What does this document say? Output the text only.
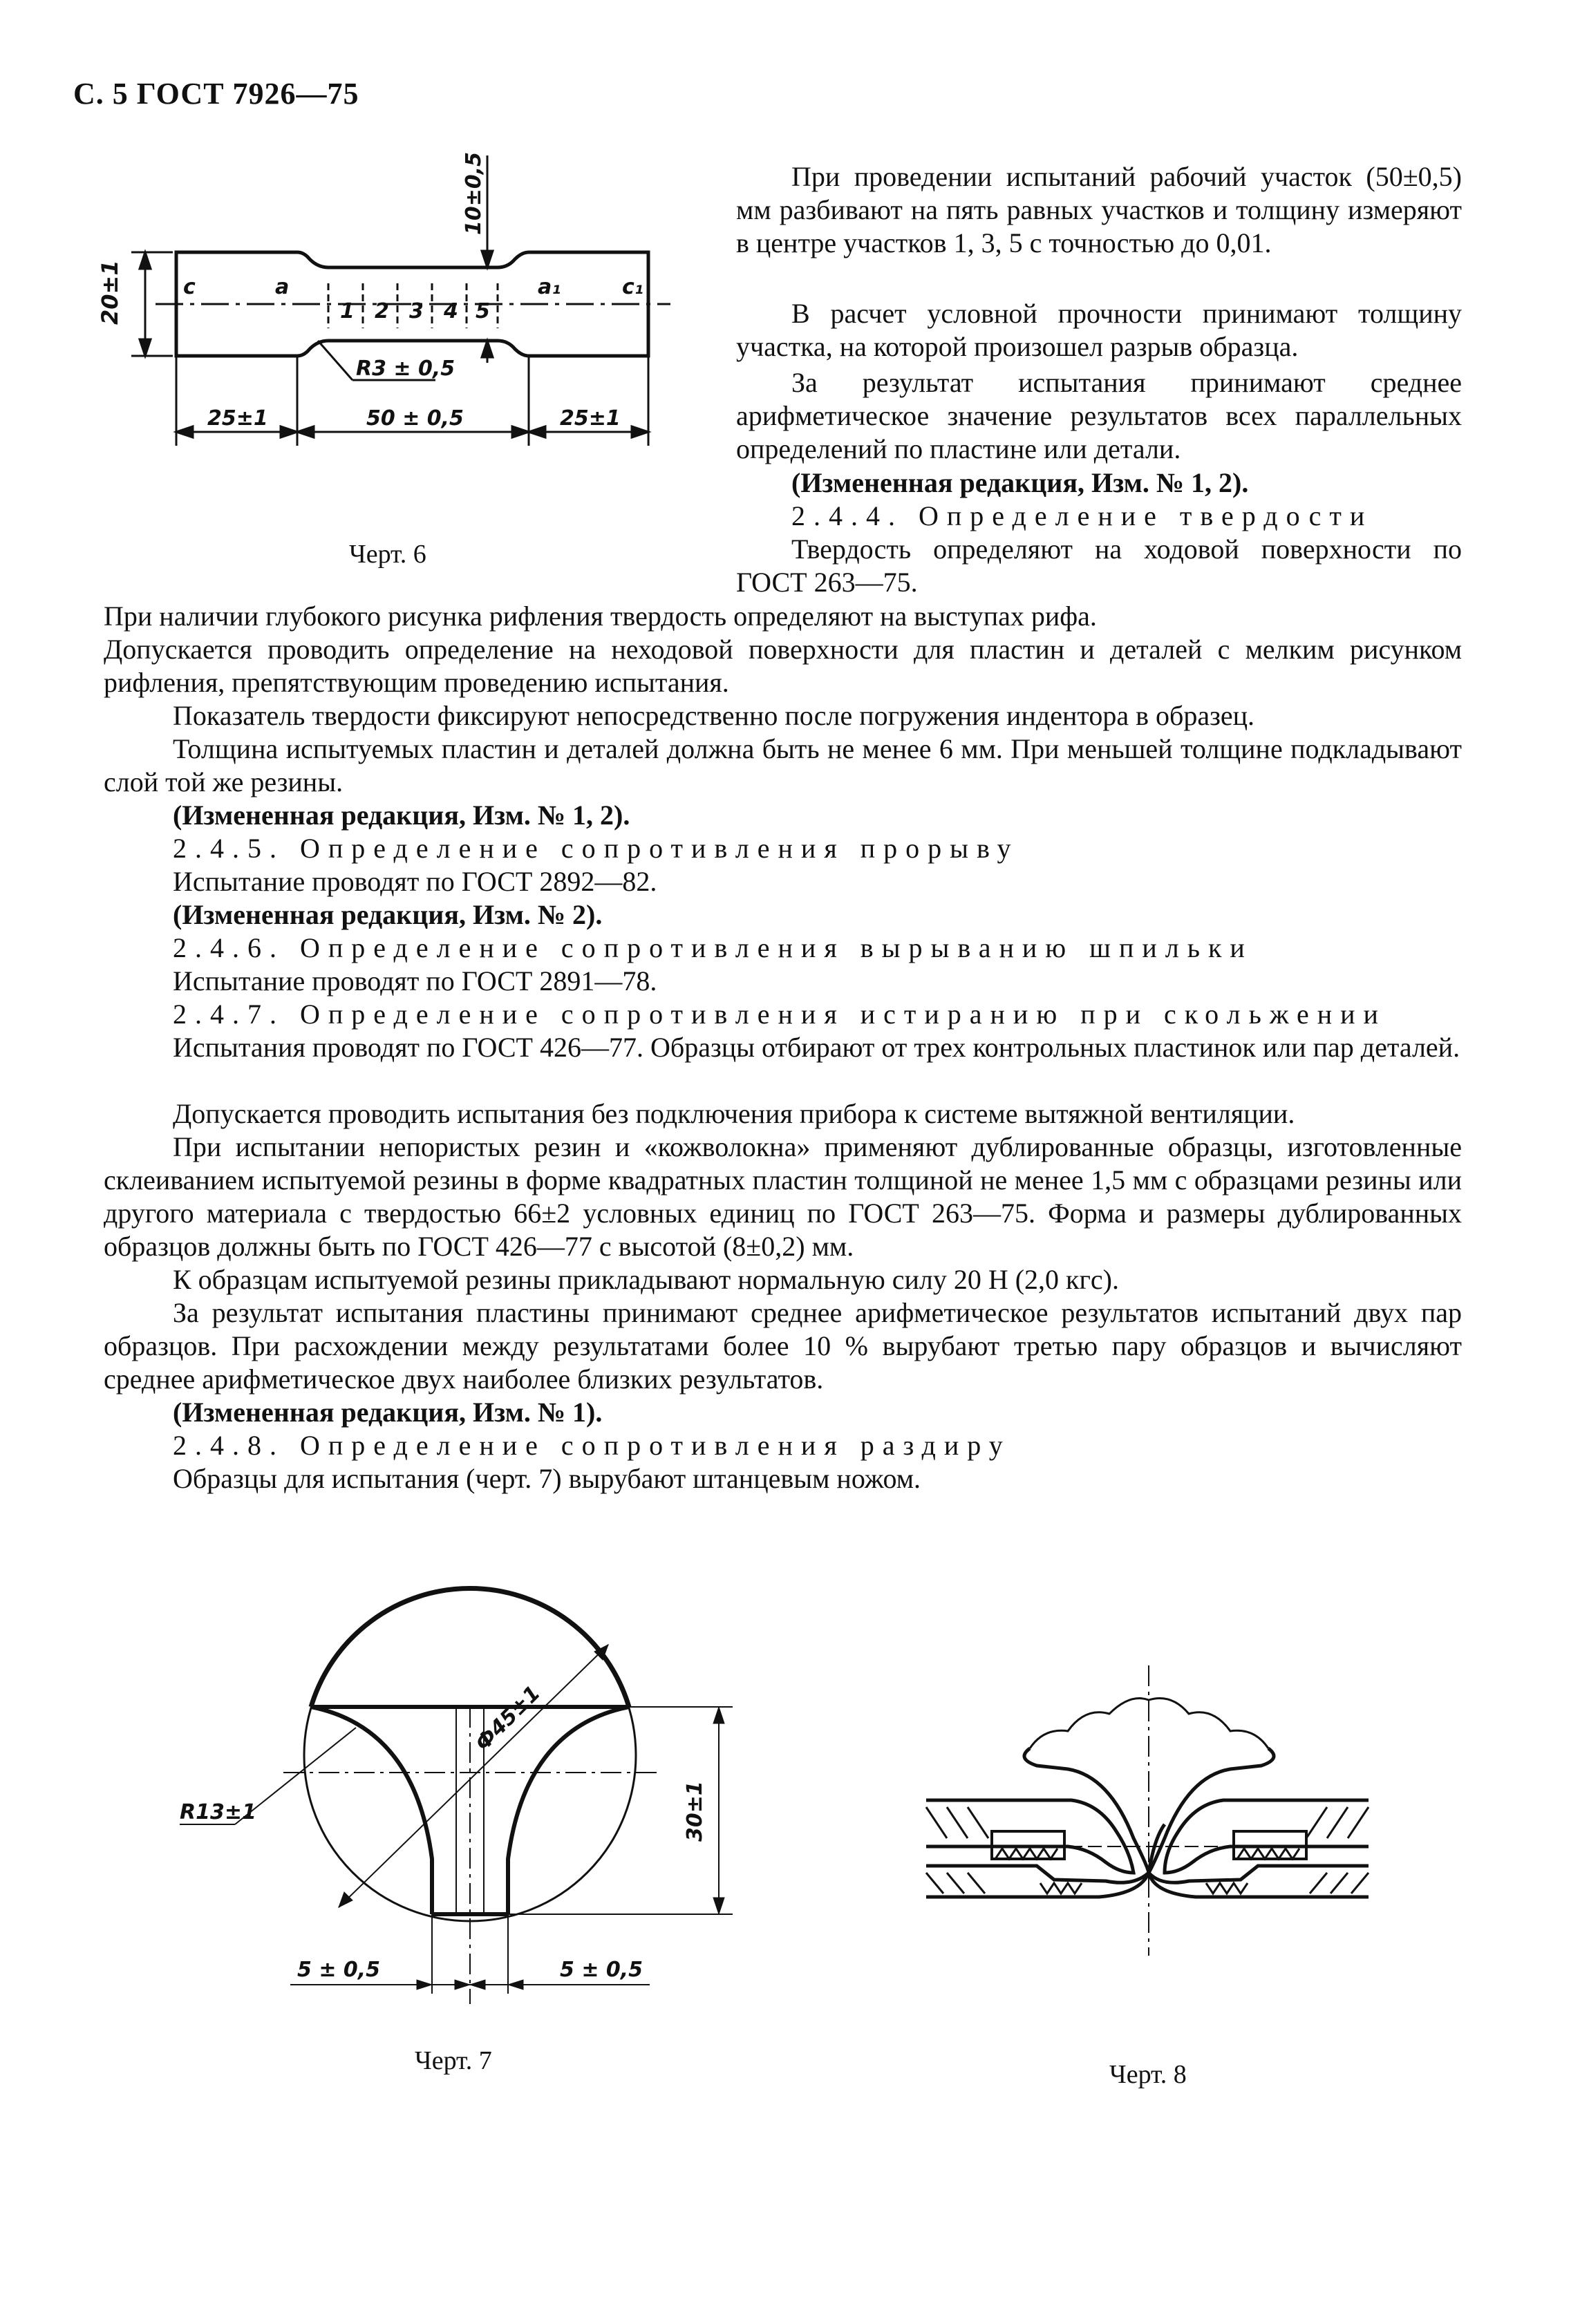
С. 5 ГОСТ 7926—75
20±1
10±0,5
c	a	a₁	c₁
1 2 3 4 5
R3 ± 0,5
25±1	50 ± 0,5	25±1
Черт. 6
При проведении испытаний рабочий участок (50±0,5) мм разбивают на пять равных участков и толщину измеряют в центре участков 1, 3, 5 с точностью до 0,01.
В расчет условной прочности принимают толщину участка, на которой произошел разрыв образца.
За результат испытания принимают среднее арифметическое значение результатов всех параллельных определений по пластине или детали.
(Измененная редакция, Изм. № 1, 2).
2.4.4. Определение твердости
Твердость определяют на ходовой поверхности по ГОСТ 263—75.
При наличии глубокого рисунка рифления твердость определяют на выступах рифа.
Допускается проводить определение на неходовой поверхности для пластин и деталей с мелким рисунком рифления, препятствующим проведению испытания.
Показатель твердости фиксируют непосредственно после погружения индентора в образец.
Толщина испытуемых пластин и деталей должна быть не менее 6 мм. При меньшей толщине подкладывают слой той же резины.
(Измененная редакция, Изм. № 1, 2).
2.4.5. Определение сопротивления прорыву
Испытание проводят по ГОСТ 2892—82.
(Измененная редакция, Изм. № 2).
2.4.6. Определение сопротивления вырыванию шпильки
Испытание проводят по ГОСТ 2891—78.
2.4.7. Определение сопротивления истиранию при скольжении
Испытания проводят по ГОСТ 426—77. Образцы отбирают от трех контрольных пластинок или пар деталей.
Допускается проводить испытания без подключения прибора к системе вытяжной вентиляции.
При испытании непористых резин и «кожволокна» применяют дублированные образцы, изготовленные склеиванием испытуемой резины в форме квадратных пластин толщиной не менее 1,5 мм с образцами резины или другого материала с твердостью 66±2 условных единиц по ГОСТ 263—75. Форма и размеры дублированных образцов должны быть по ГОСТ 426—77 с высотой (8±0,2) мм.
К образцам испытуемой резины прикладывают нормальную силу 20 Н (2,0 кгс).
За результат испытания пластины принимают среднее арифметическое результатов испытаний двух пар образцов. При расхождении между результатами более 10 % вырубают третью пару образцов и вычисляют среднее арифметическое двух наиболее близких результатов.
(Измененная редакция, Изм. № 1).
2.4.8. Определение сопротивления раздиру
Образцы для испытания (черт. 7) вырубают штанцевым ножом.
Ф45±1
R13±1	30±1
5 ± 0,5	5 ± 0,5
Черт. 7	Черт. 8
